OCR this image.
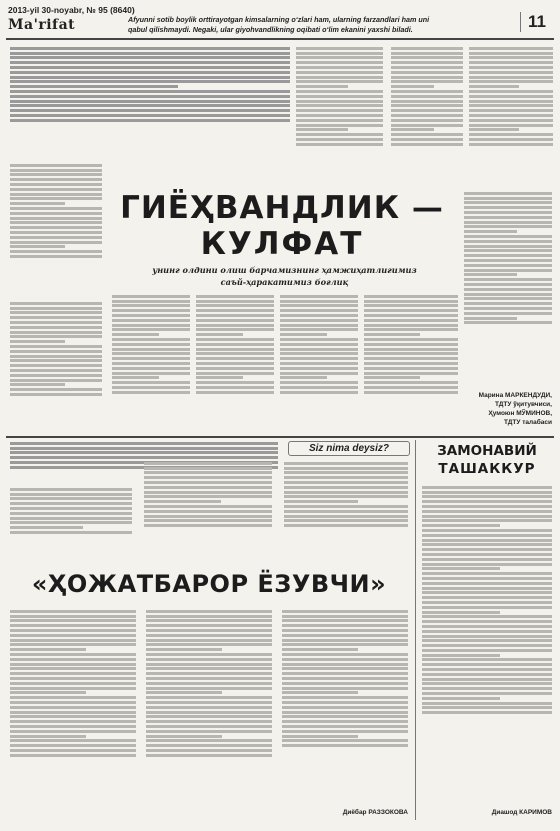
2013-yil 30-noyabr, № 95 (8640)
Ma'rifat	Afyunni sotib boylik orttirayotgan kimsalarning o‘zlari ham, ularning farzandlari ham uni
qabul qilishmaydi. Negaki, ular giyohvandlikning oqibati o‘lim ekanini yaxshi biladi.	11
ГИЁҲВАНДЛИК —
КУЛФАТ
унинг олдини олиш барчамизнинг ҳамжиҳатлигимиз
саъй-ҳаракатимиз боғлиқ
Марина МАРКЕНДУДИ,
ТДТУ ўқитувчиси,
Ҳумоюн МЎМИНОВ,
ТДТУ талабаси
Siz nima deysiz?
«ҲОЖАТБАРОР ЁЗУВЧИ»
Диёбар РАЗЗОКОВА
ЗАМОНАВИЙ
ТАШАККУР
Диашод КАРИМОВ
